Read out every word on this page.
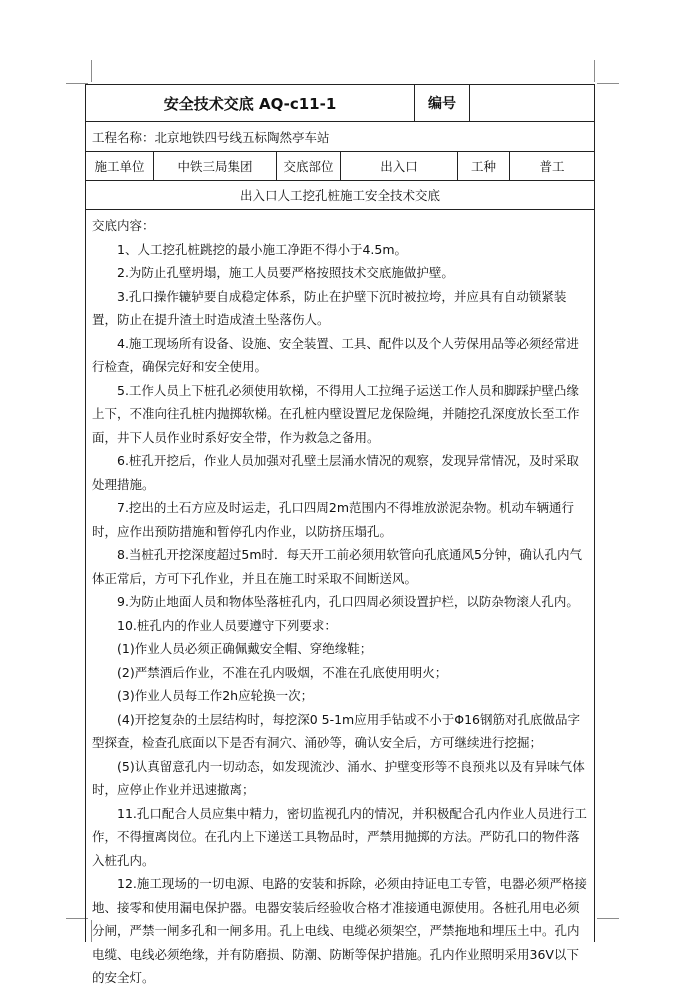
安全技术交底 AQ-c11-1	编号
工程名称：北京地铁四号线五标陶然亭车站
施工单位	中铁三局集团	交底部位	出入口	工种	普工
出入口人工挖孔桩施工安全技术交底

交底内容：

1、人工挖孔桩跳挖的最小施工净距不得小于4.5m。

2.为防止孔壁坍塌，施工人员要严格按照技术交底施做护壁。

3.孔口操作辘轳要自成稳定体系，防止在护壁下沉时被拉垮，并应具有自动锁紧装置，防止在提升渣土时造成渣土坠落伤人。

4.施工现场所有设备、设施、安全装置、工具、配件以及个人劳保用品等必须经常进行检查，确保完好和安全使用。

5.工作人员上下桩孔必须使用软梯，不得用人工拉绳子运送工作人员和脚踩护壁凸缘上下，不准向往孔桩内抛掷软梯。在孔桩内壁设置尼龙保险绳，并随挖孔深度放长至工作面，井下人员作业时系好安全带，作为救急之备用。

6.桩孔开挖后，作业人员加强对孔壁土层涌水情况的观察，发现异常情况，及时采取处理措施。

7.挖出的土石方应及时运走，孔口四周2m范围内不得堆放淤泥杂物。机动车辆通行时，应作出预防措施和暂停孔内作业，以防挤压塌孔。

8.当桩孔开挖深度超过5m时．每天开工前必须用软管向孔底通风5分钟，确认孔内气体正常后，方可下孔作业，并且在施工时采取不间断送风。

9.为防止地面人员和物体坠落桩孔内，孔口四周必须设置护栏，以防杂物滚人孔内。

10.桩孔内的作业人员要遵守下列要求：

(1)作业人员必须正确佩戴安全帽、穿绝缘鞋；

(2)严禁酒后作业，不准在孔内吸烟，不准在孔底使用明火；

(3)作业人员每工作2h应轮换一次；

(4)开挖复杂的土层结构时，每挖深0 5-1m应用手钻或不小于Φ16钢筋对孔底做品字型探查，检查孔底面以下是否有洞穴、涌砂等，确认安全后，方可继续进行挖掘；

(5)认真留意孔内一切动态，如发现流沙、涌水、护壁变形等不良预兆以及有异味气体时，应停止作业并迅速撤离；

11.孔口配合人员应集中精力，密切监视孔内的情况，并积极配合孔内作业人员进行工作，不得擅离岗位。在孔内上下递送工具物品时，严禁用抛掷的方法。严防孔口的物件落入桩孔内。

12.施工现场的一切电源、电路的安装和拆除，必须由持证电工专管，电器必须严格接地、接零和使用漏电保护器。电器安装后经验收合格才准接通电源使用。各桩孔用电必须分闸，严禁一闸多孔和一闸多用。孔上电线、电缆必须架空，严禁拖地和埋压土中。孔内电缆、电线必须绝缘，并有防磨损、防潮、防断等保护措施。孔内作业照明采用36V以下的安全灯。
